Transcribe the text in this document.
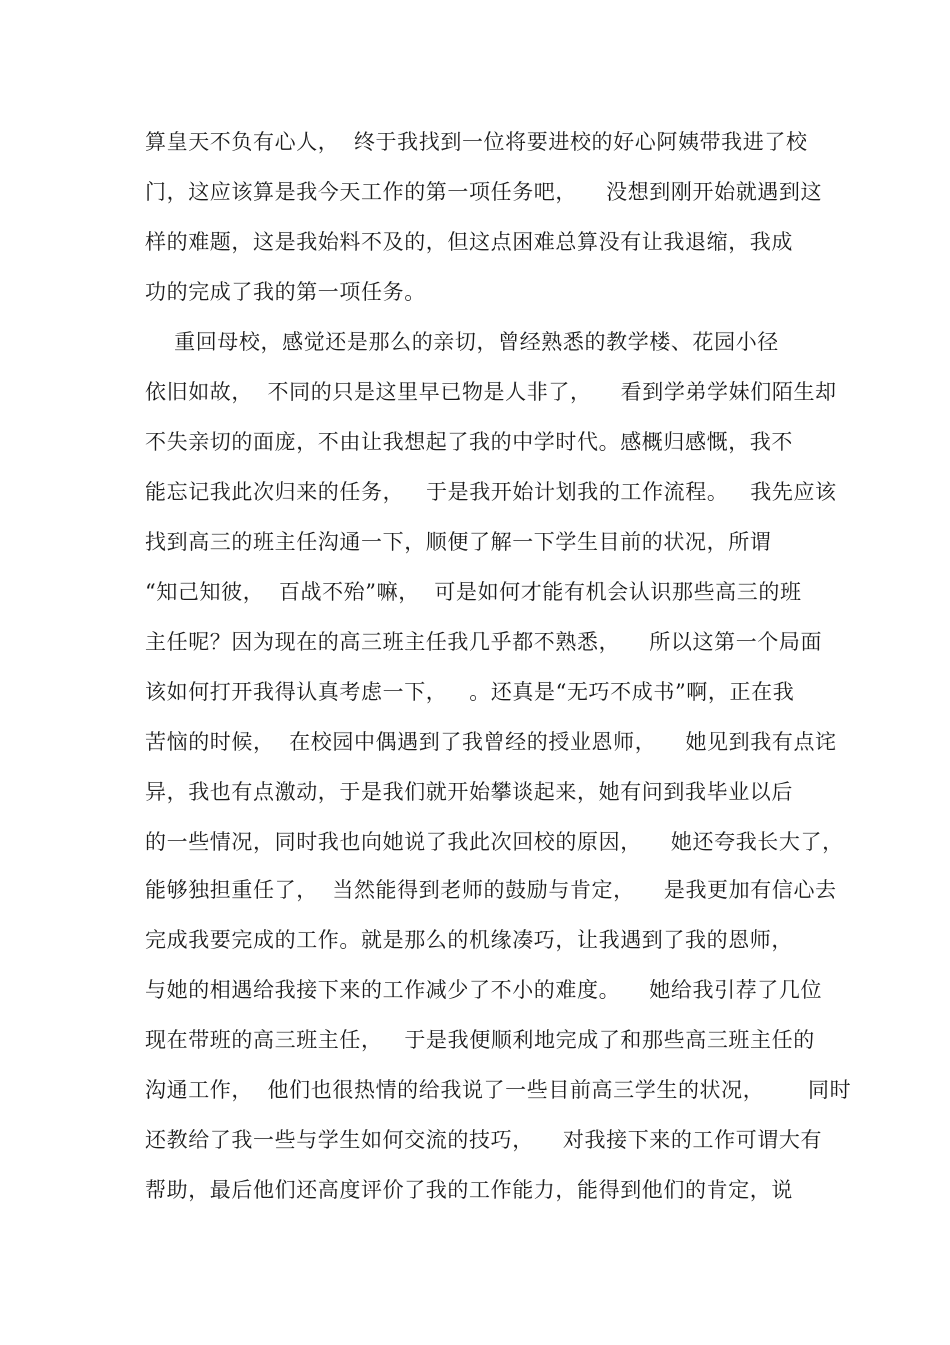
算皇天不负有心人，  终于我找到一位将要进校的好心阿姨带我进了校

门，这应该算是我今天工作的第一项任务吧，    没想到刚开始就遇到这

样的难题，这是我始料不及的，但这点困难总算没有让我退缩，我成

功的完成了我的第一项任务。

重回母校，感觉还是那么的亲切，曾经熟悉的教学楼、花园小径

依旧如故，  不同的只是这里早已物是人非了，    看到学弟学妹们陌生却

不失亲切的面庞，不由让我想起了我的中学时代。感概归感慨，我不

能忘记我此次归来的任务，   于是我开始计划我的工作流程。   我先应该

找到高三的班主任沟通一下，顺便了解一下学生目前的状况，所谓

“知己知彼，  百战不殆”嘛，  可是如何才能有机会认识那些高三的班

主任呢？因为现在的高三班主任我几乎都不熟悉，    所以这第一个局面

该如何打开我得认真考虑一下，   。还真是“无巧不成书”啊，正在我

苦恼的时候，  在校园中偶遇到了我曾经的授业恩师，    她见到我有点诧

异，我也有点激动，于是我们就开始攀谈起来，她有问到我毕业以后

的一些情况，同时我也向她说了我此次回校的原因，    她还夸我长大了，

能够独担重任了，  当然能得到老师的鼓励与肯定，    是我更加有信心去

完成我要完成的工作。就是那么的机缘凑巧，让我遇到了我的恩师，

与她的相遇给我接下来的工作减少了不小的难度。    她给我引荐了几位

现在带班的高三班主任，   于是我便顺利地完成了和那些高三班主任的

沟通工作，  他们也很热情的给我说了一些目前高三学生的状况，      同时

还教给了我一些与学生如何交流的技巧，    对我接下来的工作可谓大有

帮助，最后他们还高度评价了我的工作能力，能得到他们的肯定，说
